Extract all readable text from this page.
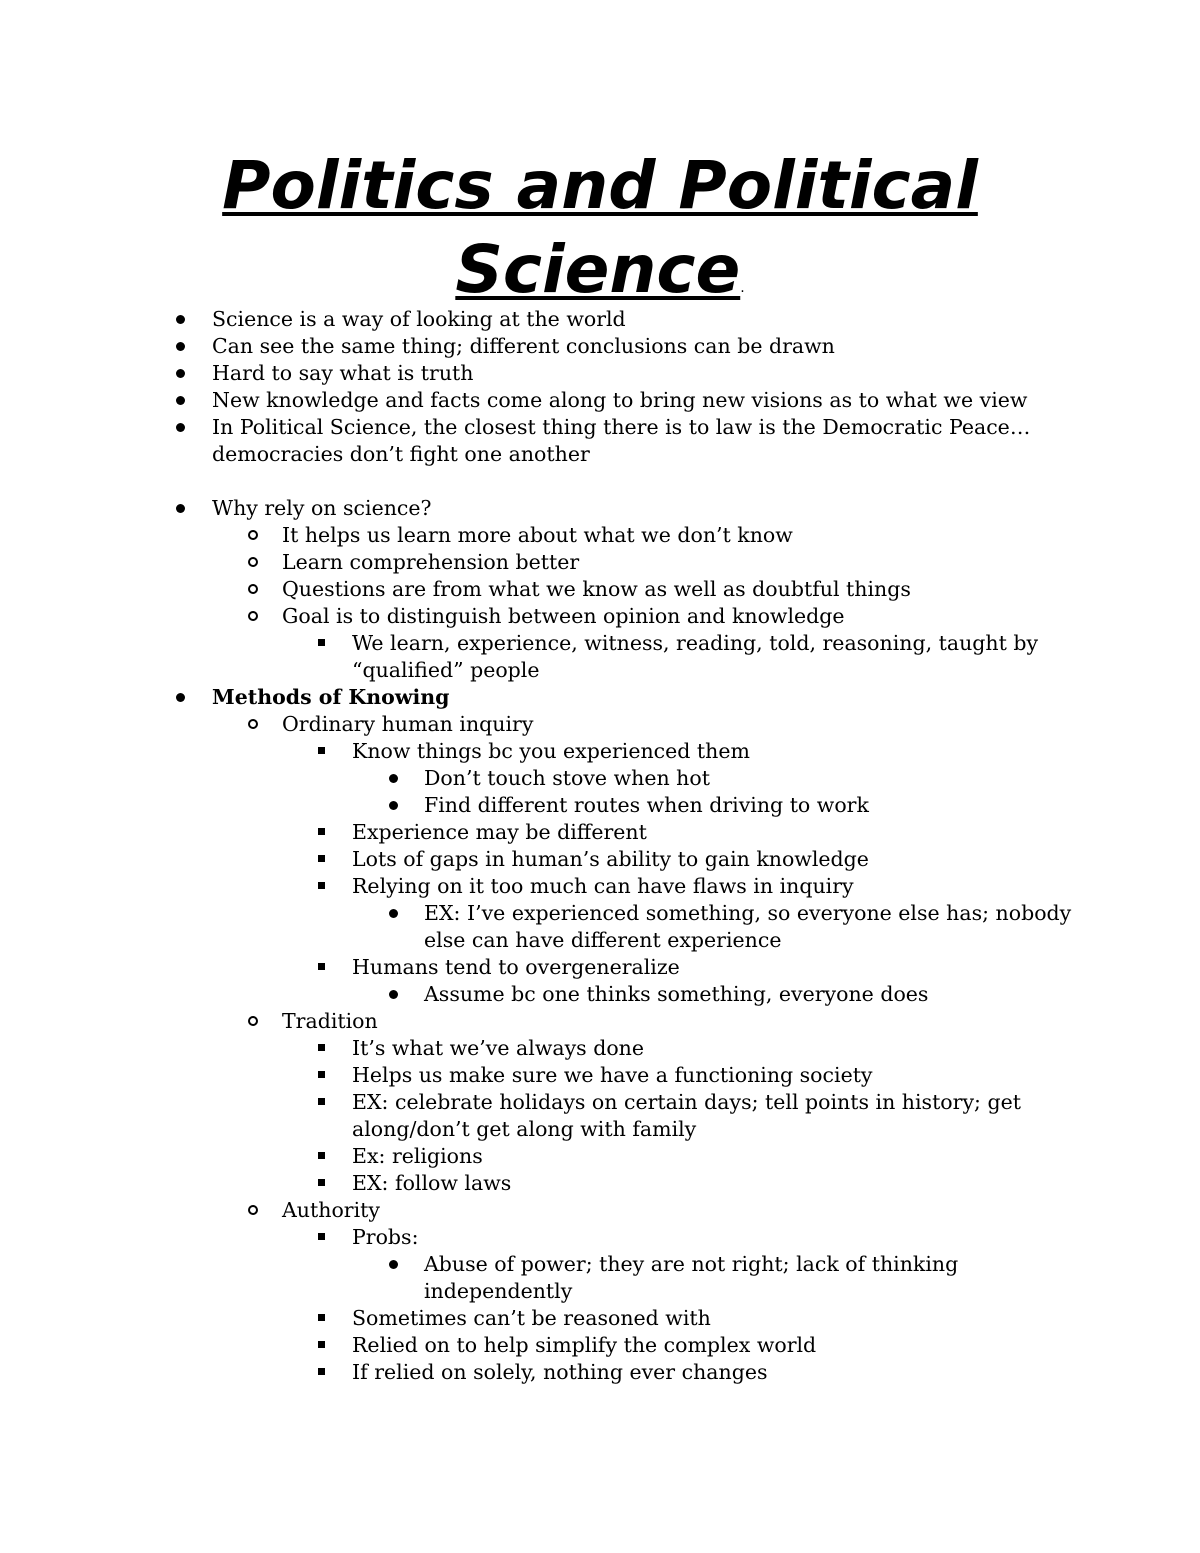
Politics and Political Science.
Science is a way of looking at the world
Can see the same thing; different conclusions can be drawn
Hard to say what is truth
New knowledge and facts come along to bring new visions as to what we view
In Political Science, the closest thing there is to law is the Democratic Peace… democracies don’t fight one another
Why rely on science?
It helps us learn more about what we don’t know
Learn comprehension better
Questions are from what we know as well as doubtful things
Goal is to distinguish between opinion and knowledge
We learn, experience, witness, reading, told, reasoning, taught by “qualified” people
Methods of Knowing
Ordinary human inquiry
Know things bc you experienced them
Don’t touch stove when hot
Find different routes when driving to work
Experience may be different
Lots of gaps in human’s ability to gain knowledge
Relying on it too much can have flaws in inquiry
EX: I’ve experienced something, so everyone else has; nobody else can have different experience
Humans tend to overgeneralize
Assume bc one thinks something, everyone does
Tradition
It’s what we’ve always done
Helps us make sure we have a functioning society
EX: celebrate holidays on certain days; tell points in history; get along/don’t get along with family
Ex: religions
EX: follow laws
Authority
Probs:
Abuse of power; they are not right; lack of thinking independently
Sometimes can’t be reasoned with
Relied on to help simplify the complex world
If relied on solely, nothing ever changes
